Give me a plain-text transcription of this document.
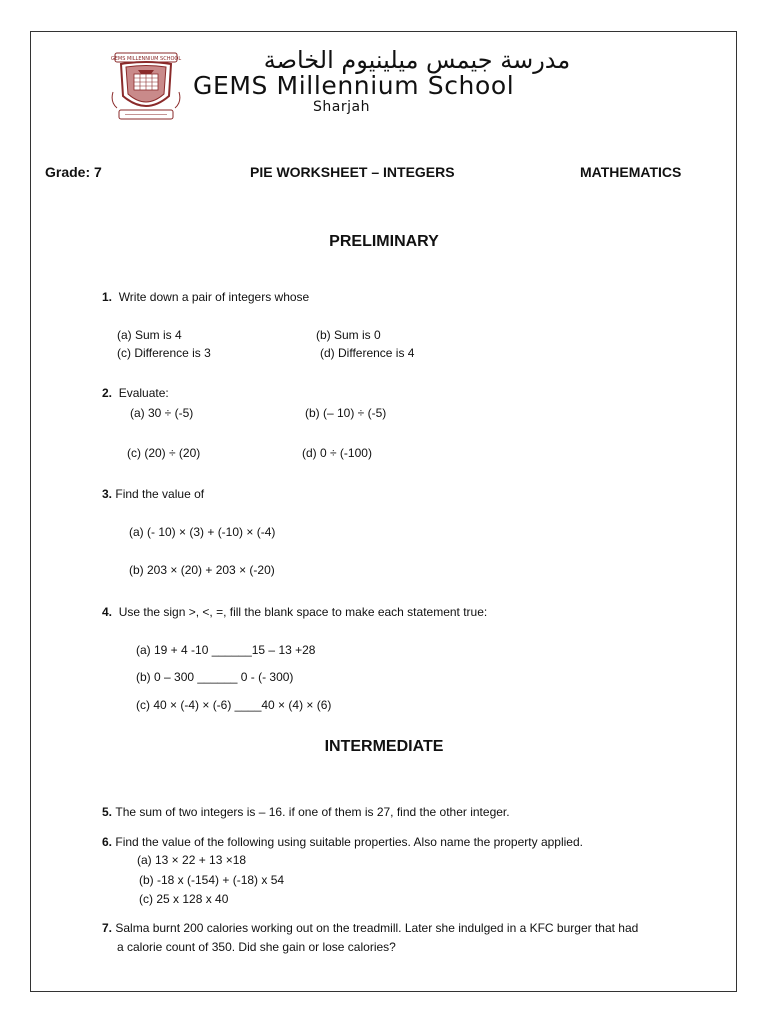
GEMS MILLENNIUM SCHOOL	مدرسة جيمس ميلينيوم الخاصة
GEMS Millennium School
Sharjah
Grade: 7	PIE WORKSHEET – INTEGERS	MATHEMATICS
PRELIMINARY
1. Write down a pair of integers whose
(a) Sum is 4	(b) Sum is 0
(c) Difference is 3	(d) Difference is 4
2. Evaluate:
(a) 30 ÷ (-5)	(b) (– 10) ÷ (-5)
(c) (20) ÷ (20)	(d) 0 ÷ (-100)
3. Find the value of
(a) (- 10) × (3) + (-10) × (-4)
(b) 203 × (20) + 203 × (-20)
4. Use the sign >, <, =, fill the blank space to make each statement true:
(a) 19 + 4 -10 ______15 – 13 +28
(b) 0 – 300 ______ 0 - (- 300)
(c) 40 × (-4) × (-6) ____40 × (4) × (6)
INTERMEDIATE
5. The sum of two integers is – 16. if one of them is 27, find the other integer.
6. Find the value of the following using suitable properties. Also name the property applied.
(a) 13 × 22 + 13 ×18
(b) -18 x (-154) + (-18) x 54
(c) 25 x 128 x 40
7. Salma burnt 200 calories working out on the treadmill. Later she indulged in a KFC burger that had
a calorie count of 350. Did she gain or lose calories?
